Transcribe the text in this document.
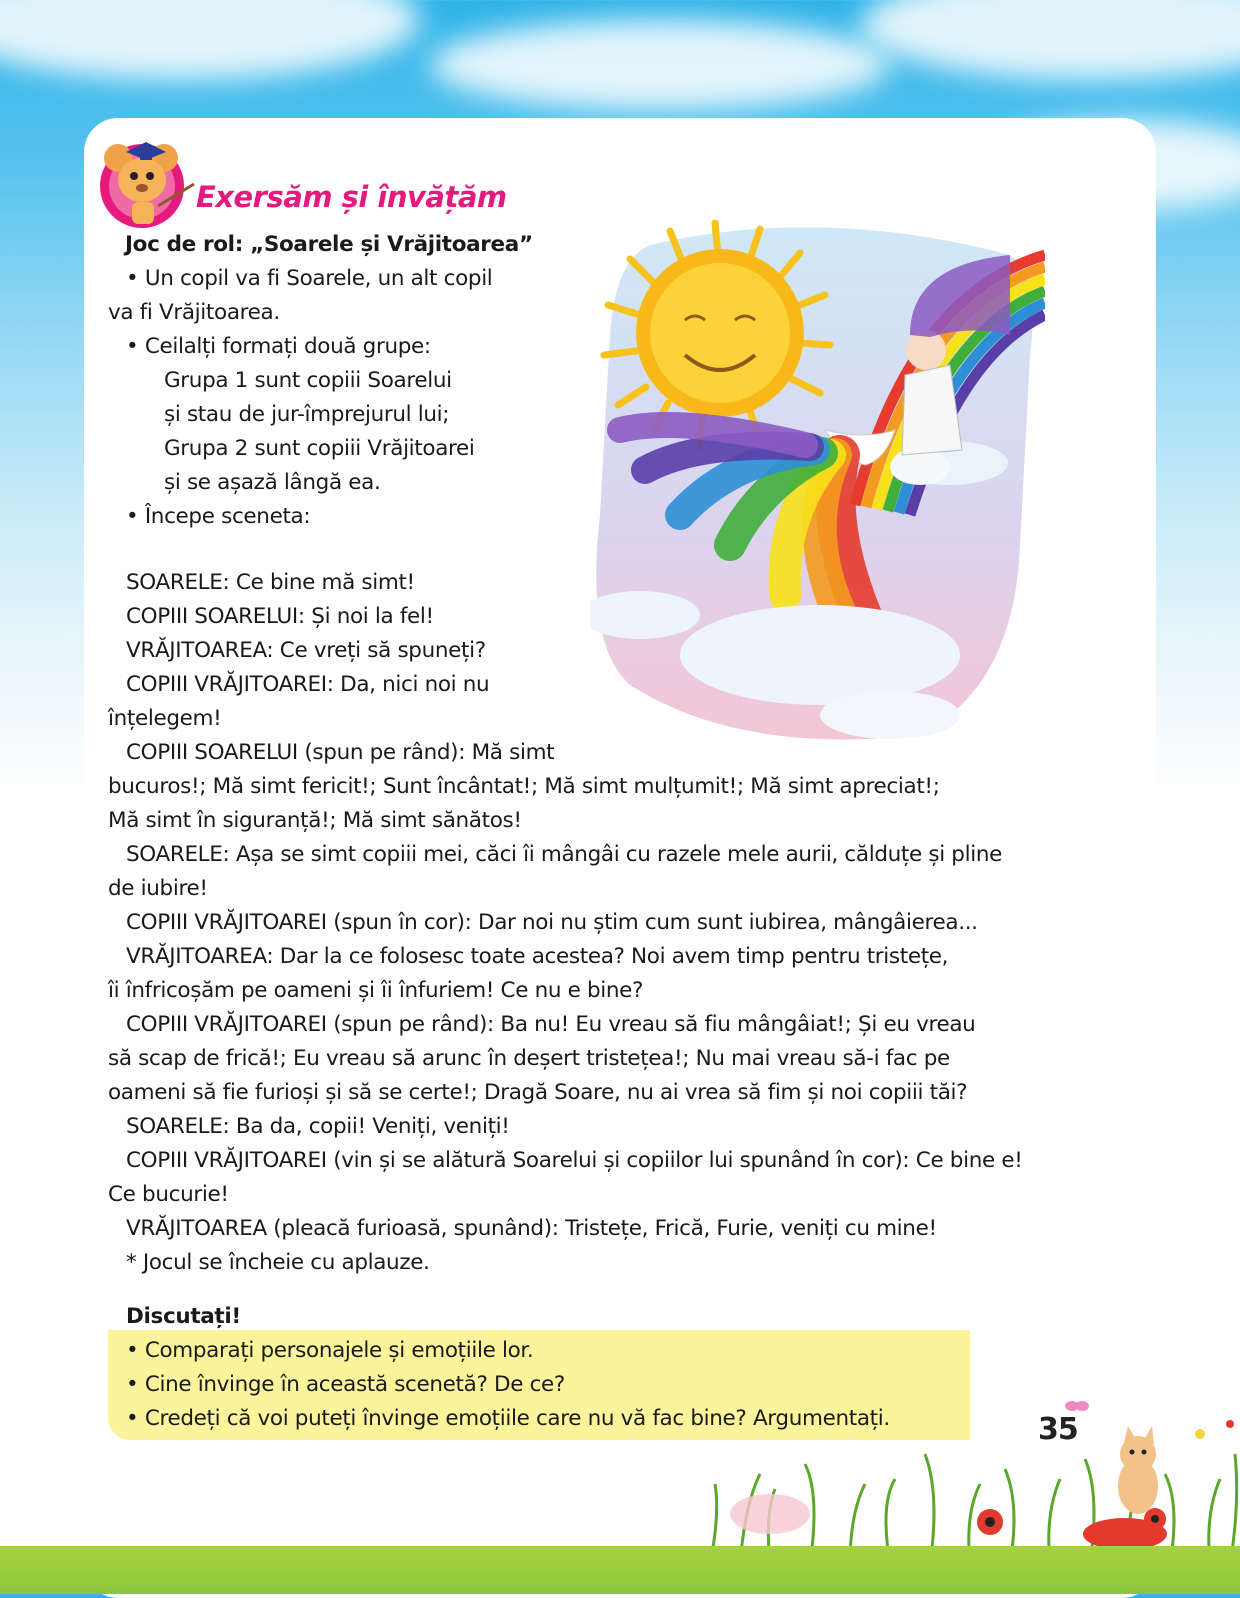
Exersăm și învățăm
Joc de rol: „Soarele și Vrăjitoarea”
• Un copil va fi Soarele, un alt copil
va fi Vrăjitoarea.
• Ceilalți formați două grupe:
Grupa 1 sunt copiii Soarelui
și stau de jur-împrejurul lui;
Grupa 2 sunt copiii Vrăjitoarei
și se așază lângă ea.
• Începe sceneta:
SOARELE: Ce bine mă simt!
COPIII SOARELUI: Și noi la fel!
VRĂJITOAREA: Ce vreți să spuneți?
COPIII VRĂJITOAREI: Da, nici noi nu
înțelegem!
COPIII SOARELUI (spun pe rând): Mă simt
bucuros!; Mă simt fericit!; Sunt încântat!; Mă simt mulțumit!; Mă simt apreciat!;
Mă simt în siguranță!; Mă simt sănătos!
SOARELE: Așa se simt copiii mei, căci îi mângâi cu razele mele aurii, călduțe și pline
de iubire!
COPIII VRĂJITOAREI (spun în cor): Dar noi nu știm cum sunt iubirea, mângâierea...
VRĂJITOAREA: Dar la ce folosesc toate acestea? Noi avem timp pentru tristețe,
îi înfricoșăm pe oameni și îi înfuriem! Ce nu e bine?
COPIII VRĂJITOAREI (spun pe rând): Ba nu! Eu vreau să fiu mângâiat!; Și eu vreau
să scap de frică!; Eu vreau să arunc în deșert tristețea!; Nu mai vreau să-i fac pe
oameni să fie furioși și să se certe!; Dragă Soare, nu ai vrea să fim și noi copiii tăi?
SOARELE: Ba da, copii! Veniți, veniți!
COPIII VRĂJITOAREI (vin și se alătură Soarelui și copiilor lui spunând în cor): Ce bine e!
Ce bucurie!
VRĂJITOAREA (pleacă furioasă, spunând): Tristețe, Frică, Furie, veniți cu mine!
* Jocul se încheie cu aplauze.
Discutați!
• Comparați personajele și emoțiile lor.
• Cine învinge în această scenetă? De ce?
• Credeți că voi puteți învinge emoțiile care nu vă fac bine? Argumentați.	35
